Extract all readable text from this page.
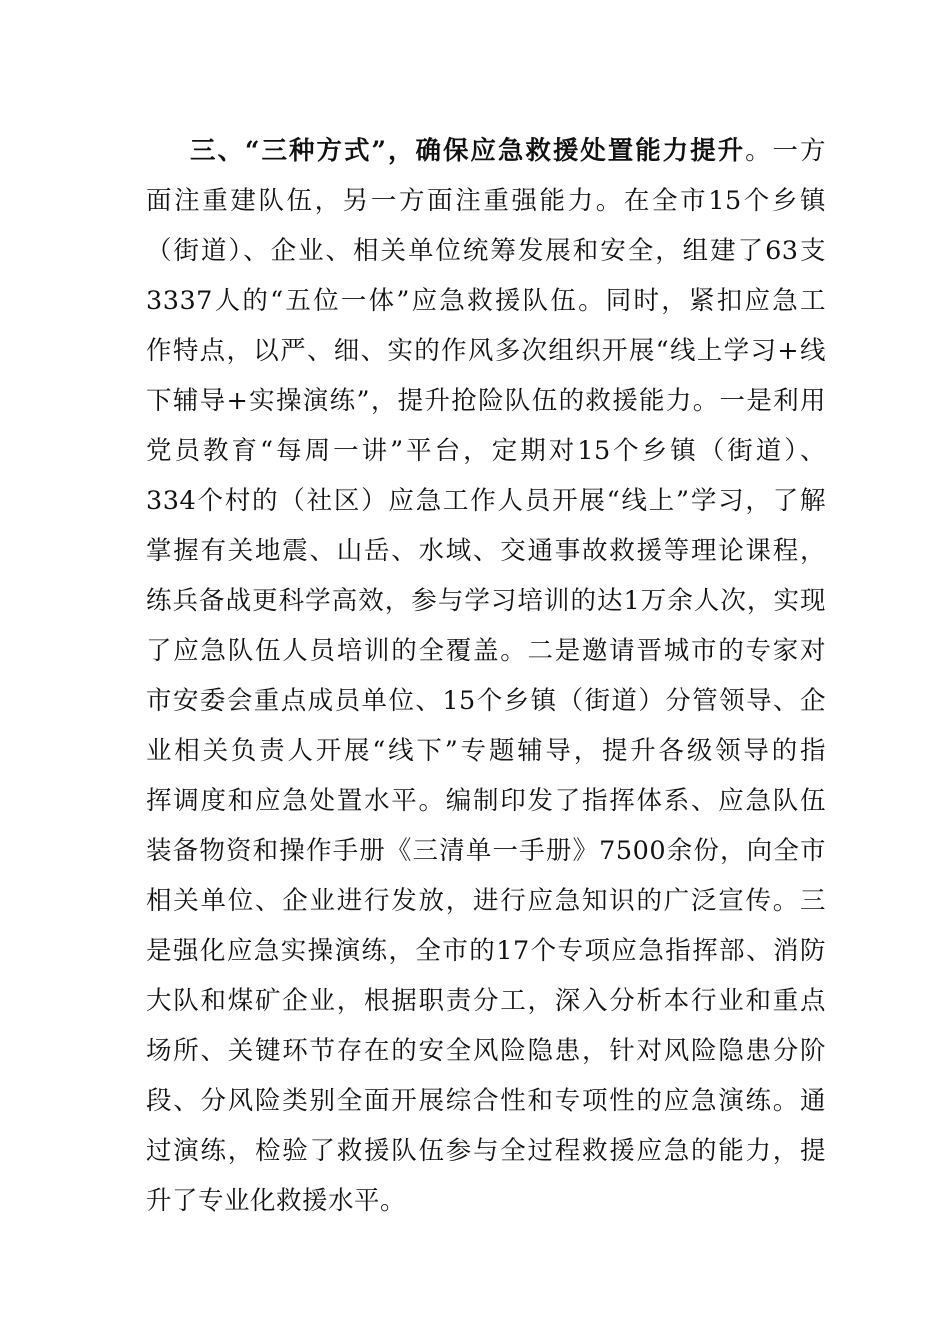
三、“三种方式”，确保应急救援处置能力提升。一方
面注重建队伍，另一方面注重强能力。在全市15个乡镇
（街道）、企业、相关单位统筹发展和安全，组建了63支
3337人的“五位一体”应急救援队伍。同时，紧扣应急工
作特点，以严、细、实的作风多次组织开展“线上学习+线
下辅导+实操演练”，提升抢险队伍的救援能力。一是利用
党员教育“每周一讲”平台，定期对15个乡镇（街道）、
334个村的（社区）应急工作人员开展“线上”学习，了解
掌握有关地震、山岳、水域、交通事故救援等理论课程，
练兵备战更科学高效，参与学习培训的达1万余人次，实现
了应急队伍人员培训的全覆盖。二是邀请晋城市的专家对
市安委会重点成员单位、15个乡镇（街道）分管领导、企
业相关负责人开展“线下”专题辅导，提升各级领导的指
挥调度和应急处置水平。编制印发了指挥体系、应急队伍
装备物资和操作手册《三清单一手册》7500余份，向全市
相关单位、企业进行发放，进行应急知识的广泛宣传。三
是强化应急实操演练，全市的17个专项应急指挥部、消防
大队和煤矿企业，根据职责分工，深入分析本行业和重点
场所、关键环节存在的安全风险隐患，针对风险隐患分阶
段、分风险类别全面开展综合性和专项性的应急演练。通
过演练，检验了救援队伍参与全过程救援应急的能力，提
升了专业化救援水平。
